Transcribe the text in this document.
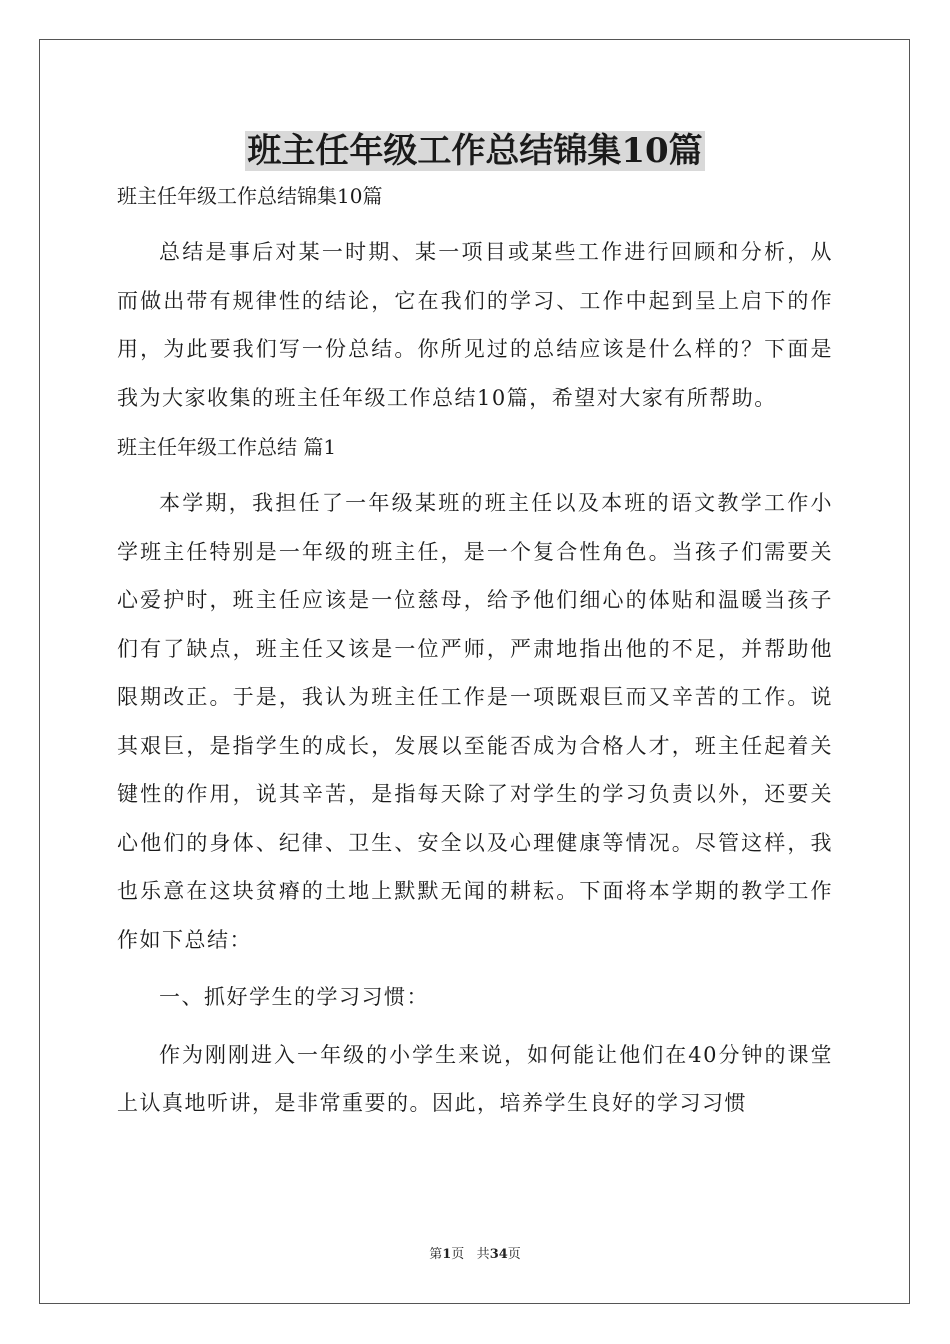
班主任年级工作总结锦集10篇
班主任年级工作总结锦集10篇

总结是事后对某一时期、某一项目或某些工作进行回顾和分析，从而做出带有规律性的结论，它在我们的学习、工作中起到呈上启下的作用，为此要我们写一份总结。你所见过的总结应该是什么样的？下面是我为大家收集的班主任年级工作总结10篇，希望对大家有所帮助。

班主任年级工作总结 篇1

本学期，我担任了一年级某班的班主任以及本班的语文教学工作小学班主任特别是一年级的班主任，是一个复合性角色。当孩子们需要关心爱护时，班主任应该是一位慈母，给予他们细心的体贴和温暖当孩子们有了缺点，班主任又该是一位严师，严肃地指出他的不足，并帮助他限期改正。于是，我认为班主任工作是一项既艰巨而又辛苦的工作。说其艰巨，是指学生的成长，发展以至能否成为合格人才，班主任起着关键性的作用，说其辛苦，是指每天除了对学生的学习负责以外，还要关心他们的身体、纪律、卫生、安全以及心理健康等情况。尽管这样，我也乐意在这块贫瘠的土地上默默无闻的耕耘。下面将本学期的教学工作作如下总结：

一、抓好学生的学习习惯：

作为刚刚进入一年级的小学生来说，如何能让他们在40分钟的课堂上认真地听讲，是非常重要的。因此，培养学生良好的学习习惯

第1页 共34页
